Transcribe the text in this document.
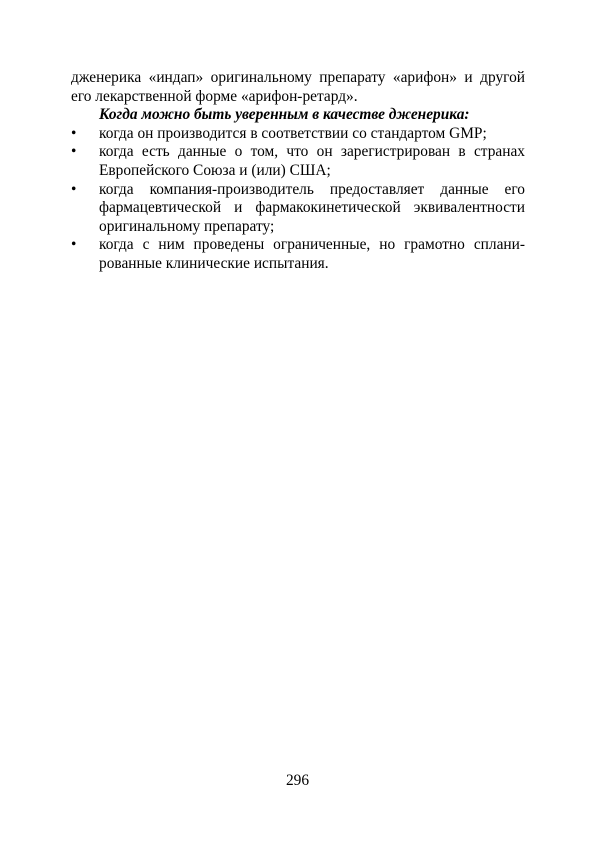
дженерика «индап» оригинальному препарату «арифон» и другой его лекарственной форме «арифон-ретард».

Когда можно быть уверенным в качестве дженерика:

• когда он производится в соответствии со стандартом GMP;
• когда есть данные о том, что он зарегистрирован в странах Европейского Союза и (или) США;
• когда компания-производитель предоставляет данные его фармацевтической и фармакокинетической эквивалентности оригинальному препарату;
• когда с ним проведены ограниченные, но грамотно сплани-рованные клинические испытания.
296
